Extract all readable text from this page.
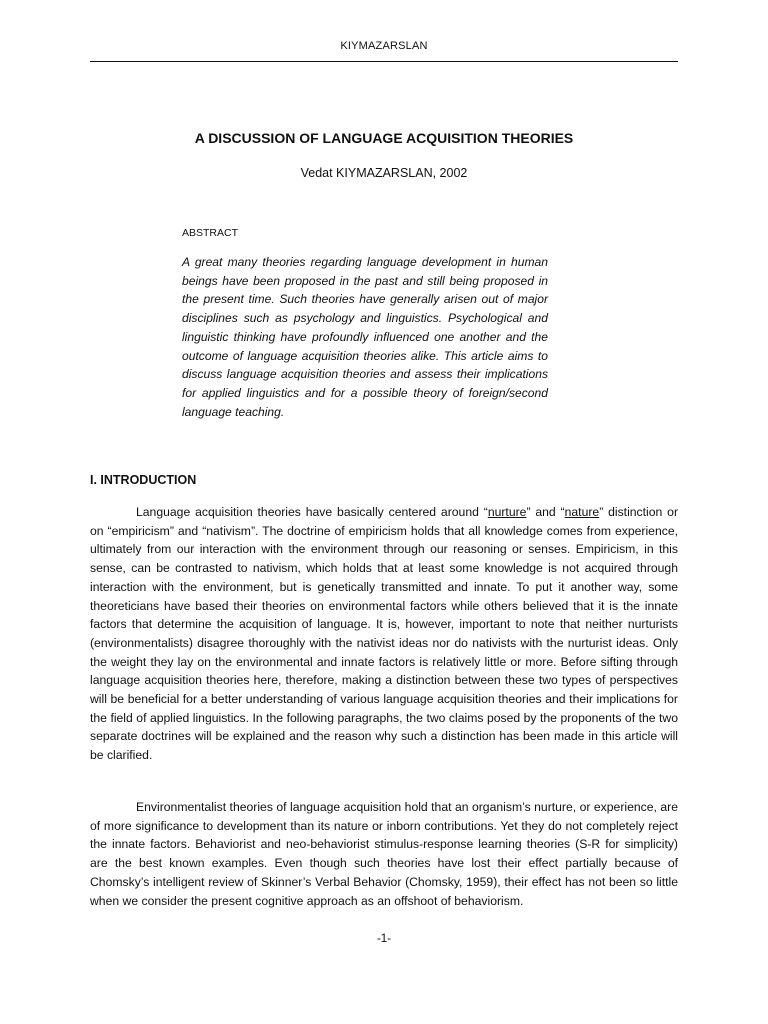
KIYMAZARSLAN
A DISCUSSION OF LANGUAGE ACQUISITION THEORIES
Vedat KIYMAZARSLAN, 2002
ABSTRACT
A great many theories regarding language development in human beings have been proposed in the past and still being proposed in the present time. Such theories have generally arisen out of major disciplines such as psychology and linguistics. Psychological and linguistic thinking have profoundly influenced one another and the outcome of language acquisition theories alike. This article aims to discuss language acquisition theories and assess their implications for applied linguistics and for a possible theory of foreign/second language teaching.
I. INTRODUCTION

Language acquisition theories have basically centered around “nurture” and “nature” distinction or on “empiricism” and “nativism”. The doctrine of empiricism holds that all knowledge comes from experience, ultimately from our interaction with the environment through our reasoning or senses. Empiricism, in this sense, can be contrasted to nativism, which holds that at least some knowledge is not acquired through interaction with the environment, but is genetically transmitted and innate. To put it another way, some theoreticians have based their theories on environmental factors while others believed that it is the innate factors that determine the acquisition of language. It is, however, important to note that neither nurturists (environmentalists) disagree thoroughly with the nativist ideas nor do nativists with the nurturist ideas. Only the weight they lay on the environmental and innate factors is relatively little or more. Before sifting through language acquisition theories here, therefore, making a distinction between these two types of perspectives will be beneficial for a better understanding of various language acquisition theories and their implications for the field of applied linguistics. In the following paragraphs, the two claims posed by the proponents of the two separate doctrines will be explained and the reason why such a distinction has been made in this article will be clarified.

Environmentalist theories of language acquisition hold that an organism’s nurture, or experience, are of more significance to development than its nature or inborn contributions. Yet they do not completely reject the innate factors. Behaviorist and neo-behaviorist stimulus-response learning theories (S-R for simplicity) are the best known examples. Even though such theories have lost their effect partially because of Chomsky’s intelligent review of Skinner’s Verbal Behavior (Chomsky, 1959), their effect has not been so little when we consider the present cognitive approach as an offshoot of behaviorism.

-1-
